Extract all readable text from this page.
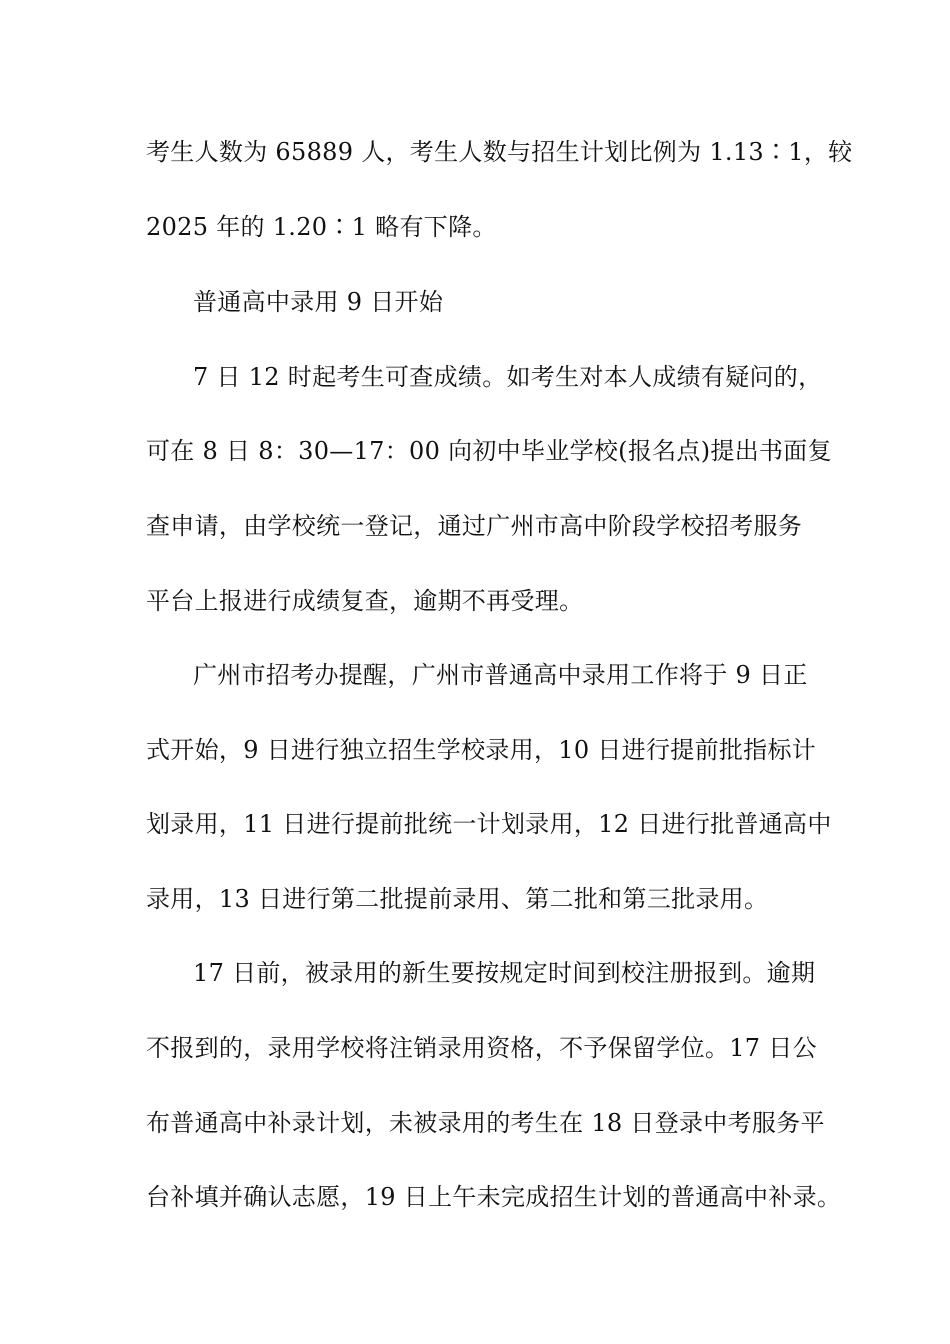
考生人数为 65889 人，考生人数与招生计划比例为 1.13∶1，较
2025 年的 1.20∶1 略有下降。
普通高中录用 9 日开始
7 日 12 时起考生可查成绩。如考生对本人成绩有疑问的，
可在 8 日 8：30—17：00 向初中毕业学校(报名点)提出书面复
查申请，由学校统一登记，通过广州市高中阶段学校招考服务
平台上报进行成绩复查，逾期不再受理。
广州市招考办提醒，广州市普通高中录用工作将于 9 日正
式开始，9 日进行独立招生学校录用，10 日进行提前批指标计
划录用，11 日进行提前批统一计划录用，12 日进行批普通高中
录用，13 日进行第二批提前录用、第二批和第三批录用。
17 日前，被录用的新生要按规定时间到校注册报到。逾期
不报到的，录用学校将注销录用资格，不予保留学位。17 日公
布普通高中补录计划，未被录用的考生在 18 日登录中考服务平
台补填并确认志愿，19 日上午未完成招生计划的普通高中补录。
